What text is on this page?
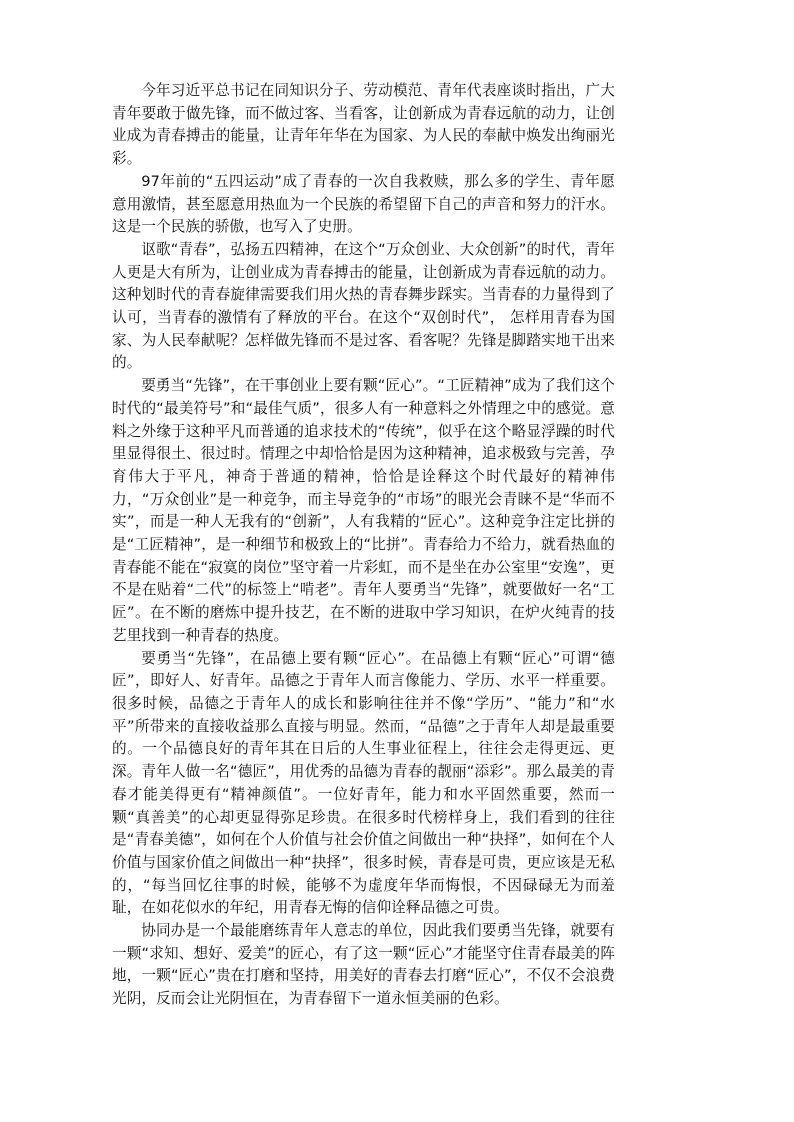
今年习近平总书记在同知识分子、劳动模范、青年代表座谈时指出，广大青年要敢于做先锋，而不做过客、当看客，让创新成为青春远航的动力，让创业成为青春搏击的能量，让青年年华在为国家、为人民的奉献中焕发出绚丽光彩。

97年前的“五四运动”成了青春的一次自我救赎，那么多的学生、青年愿意用激情，甚至愿意用热血为一个民族的希望留下自己的声音和努力的汗水。这是一个民族的骄傲，也写入了史册。

讴歌“青春”，弘扬五四精神，在这个“万众创业、大众创新”的时代，青年人更是大有所为，让创业成为青春搏击的能量，让创新成为青春远航的动力。这种划时代的青春旋律需要我们用火热的青春舞步踩实。当青春的力量得到了认可，当青春的激情有了释放的平台。在这个“双创时代”， 怎样用青春为国家、为人民奉献呢？怎样做先锋而不是过客、看客呢？先锋是脚踏实地干出来的。

要勇当“先锋”，在干事创业上要有颗“匠心”。“工匠精神”成为了我们这个时代的“最美符号”和“最佳气质”，很多人有一种意料之外情理之中的感觉。意料之外缘于这种平凡而普通的追求技术的“传统”，似乎在这个略显浮躁的时代里显得很土、很过时。情理之中却恰恰是因为这种精神，追求极致与完善，孕育伟大于平凡，神奇于普通的精神，恰恰是诠释这个时代最好的精神伟力，“万众创业”是一种竞争，而主导竞争的“市场”的眼光会青睐不是“华而不实”，而是一种人无我有的“创新”，人有我精的“匠心”。这种竞争注定比拼的是“工匠精神”，是一种细节和极致上的“比拼”。青春给力不给力，就看热血的青春能不能在“寂寞的岗位”坚守着一片彩虹，而不是坐在办公室里“安逸”，更不是在贴着“二代”的标签上“啃老”。青年人要勇当“先锋”，就要做好一名“工匠”。在不断的磨炼中提升技艺，在不断的进取中学习知识，在炉火纯青的技艺里找到一种青春的热度。

要勇当“先锋”，在品德上要有颗“匠心”。在品德上有颗“匠心”可谓“德匠”，即好人、好青年。品德之于青年人而言像能力、学历、水平一样重要。很多时候，品德之于青年人的成长和影响往往并不像“学历”、“能力”和“水平”所带来的直接收益那么直接与明显。然而，“品德”之于青年人却是最重要的。一个品德良好的青年其在日后的人生事业征程上，往往会走得更远、更深。青年人做一名“德匠”，用优秀的品德为青春的靓丽“添彩”。那么最美的青春才能美得更有“精神颜值”。一位好青年，能力和水平固然重要，然而一颗“真善美”的心却更显得弥足珍贵。在很多时代榜样身上，我们看到的往往是“青春美德”，如何在个人价值与社会价值之间做出一种“抉择”，如何在个人价值与国家价值之间做出一种“抉择”，很多时候，青春是可贵，更应该是无私的，“每当回忆往事的时候，能够不为虚度年华而悔恨，不因碌碌无为而羞耻，在如花似水的年纪，用青春无悔的信仰诠释品德之可贵。

协同办是一个最能磨练青年人意志的单位，因此我们要勇当先锋，就要有一颗“求知、想好、爱美”的匠心，有了这一颗“匠心”才能坚守住青春最美的阵地，一颗“匠心”贵在打磨和坚持，用美好的青春去打磨“匠心”，不仅不会浪费光阴，反而会让光阴恒在，为青春留下一道永恒美丽的色彩。
